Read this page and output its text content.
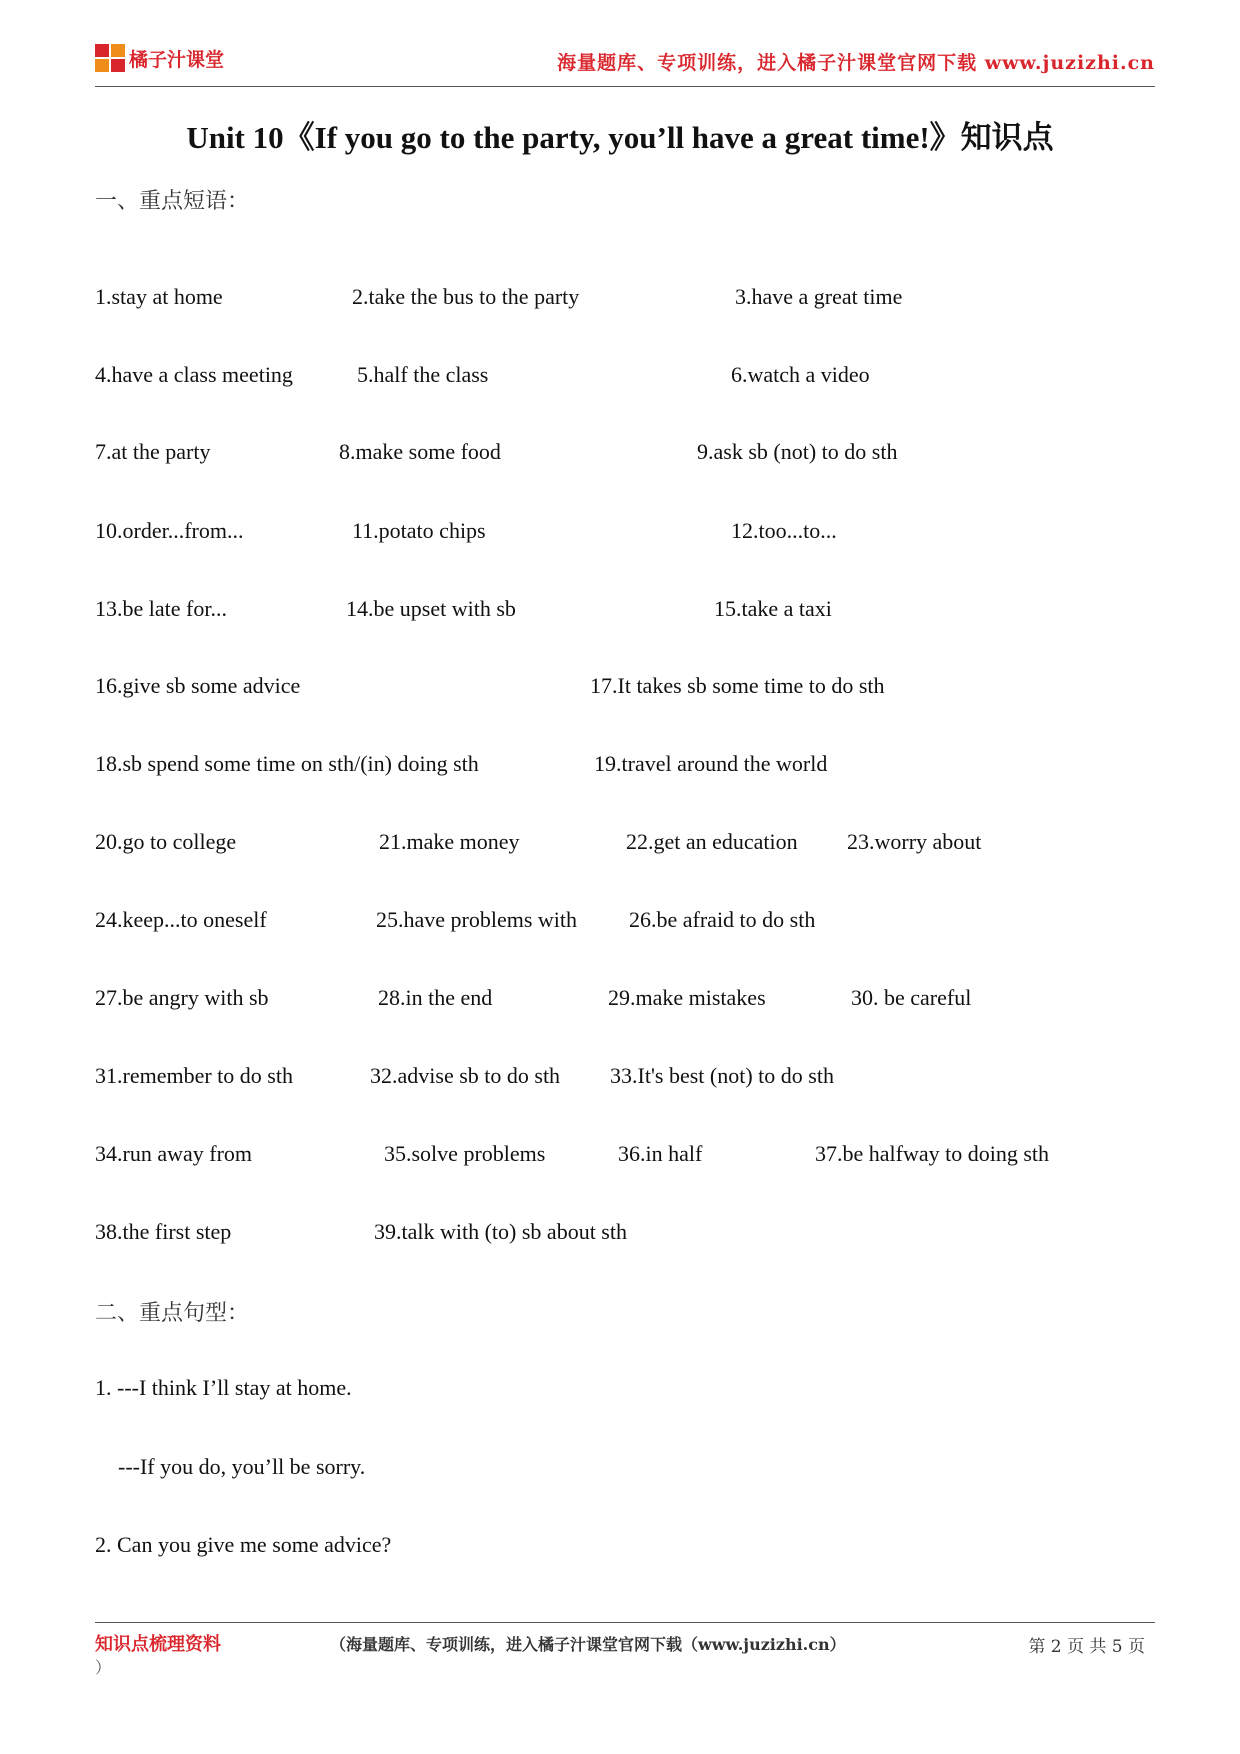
橘子汁课堂	海量题库、专项训练，进入橘子汁课堂官网下载 www.juzizhi.cn
Unit 10《If you go to the party, you’ll have a great time!》知识点
一、重点短语：
1.stay at home	2.take the bus to the party	3.have a great time
4.have a class meeting	5.half the class	6.watch a video
7.at the party	8.make some food	9.ask sb (not) to do sth
10.order...from...	11.potato chips	12.too...to...
13.be late for...	14.be upset with sb	15.take a taxi
16.give sb some advice	17.It takes sb some time to do sth
18.sb spend some time on sth/(in) doing sth	19.travel around the world
20.go to college	21.make money	22.get an education 23.worry about
24.keep...to oneself	25.have problems with 26.be afraid to do sth
27.be angry with sb	28.in the end	29.make mistakes	30. be careful
31.remember to do sth	32.advise sb to do sth 33.It's best (not) to do sth
34.run away from	35.solve problems	36.in half	37.be halfway to doing sth
38.the first step	39.talk with (to) sb about sth
二、重点句型：
1. ---I think I’ll stay at home.
---If you do, you’ll be sorry.
2. Can you give me some advice?
知识点梳理资料
）
（海量题库、专项训练，进入橘子汁课堂官网下载（www.juzizhi.cn）	第 2 页 共 5 页
